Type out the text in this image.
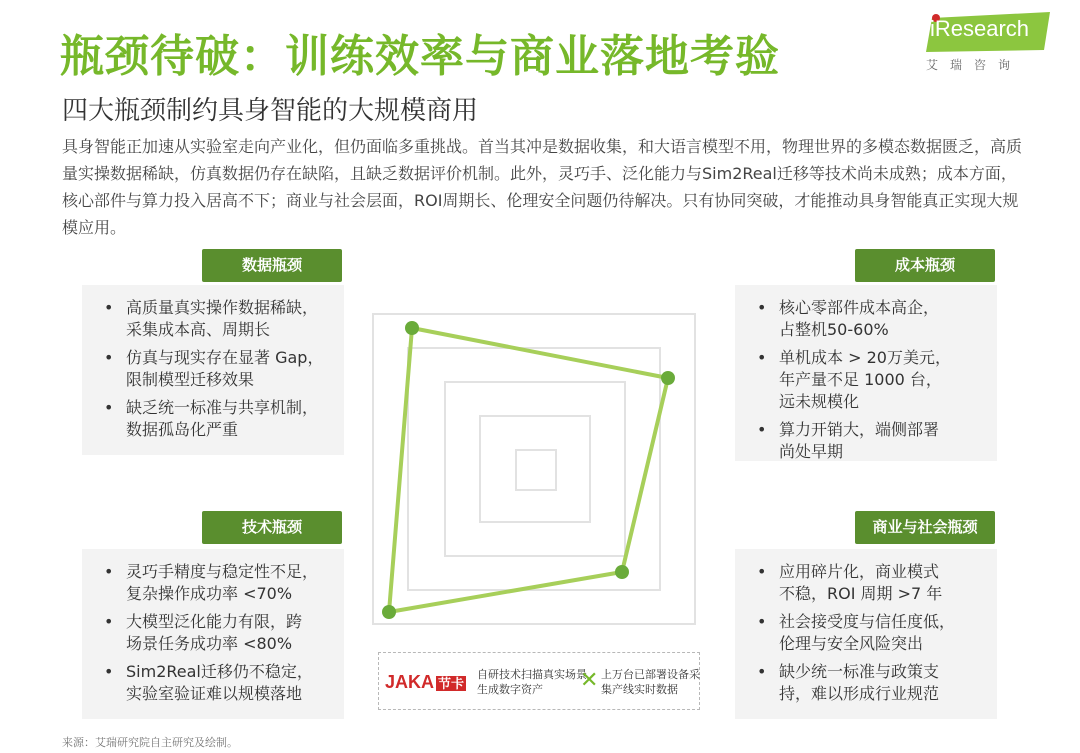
瓶颈待破：训练效率与商业落地考验
iResearch
艾瑞咨询
四大瓶颈制约具身智能的大规模商用
具身智能正加速从实验室走向产业化，但仍面临多重挑战。首当其冲是数据收集，和大语言模型不用，物理世界的多模态数据匮乏，高质量实操数据稀缺，仿真数据仍存在缺陷，且缺乏数据评价机制。此外，灵巧手、泛化能力与Sim2Real迁移等技术尚未成熟；成本方面，核心部件与算力投入居高不下；商业与社会层面，ROI周期长、伦理安全问题仍待解决。只有协同突破，才能推动具身智能真正实现大规模应用。
数据瓶颈
• 高质量真实操作数据稀缺，
采集成本高、周期长
• 仿真与现实存在显著 Gap，
限制模型迁移效果
• 缺乏统一标准与共享机制，
数据孤岛化严重
成本瓶颈
• 核心零部件成本高企，
占整机50-60%
• 单机成本 > 20万美元，
年产量不足 1000 台，
远未规模化
• 算力开销大，端侧部署
尚处早期
技术瓶颈
• 灵巧手精度与稳定性不足，
复杂操作成功率 <70%
• 大模型泛化能力有限，跨
场景任务成功率 <80%
• Sim2Real迁移仍不稳定，
实验室验证难以规模落地
商业与社会瓶颈
• 应用碎片化，商业模式
不稳，ROI 周期 >7 年
• 社会接受度与信任度低，
伦理与安全风险突出
• 缺少统一标准与政策支
持，难以形成行业规范
JAKA 节卡
自研技术扫描真实场景生成数字资产	✕ 上万台已部署设备采集产线实时数据
来源：艾瑞研究院自主研究及绘制。
